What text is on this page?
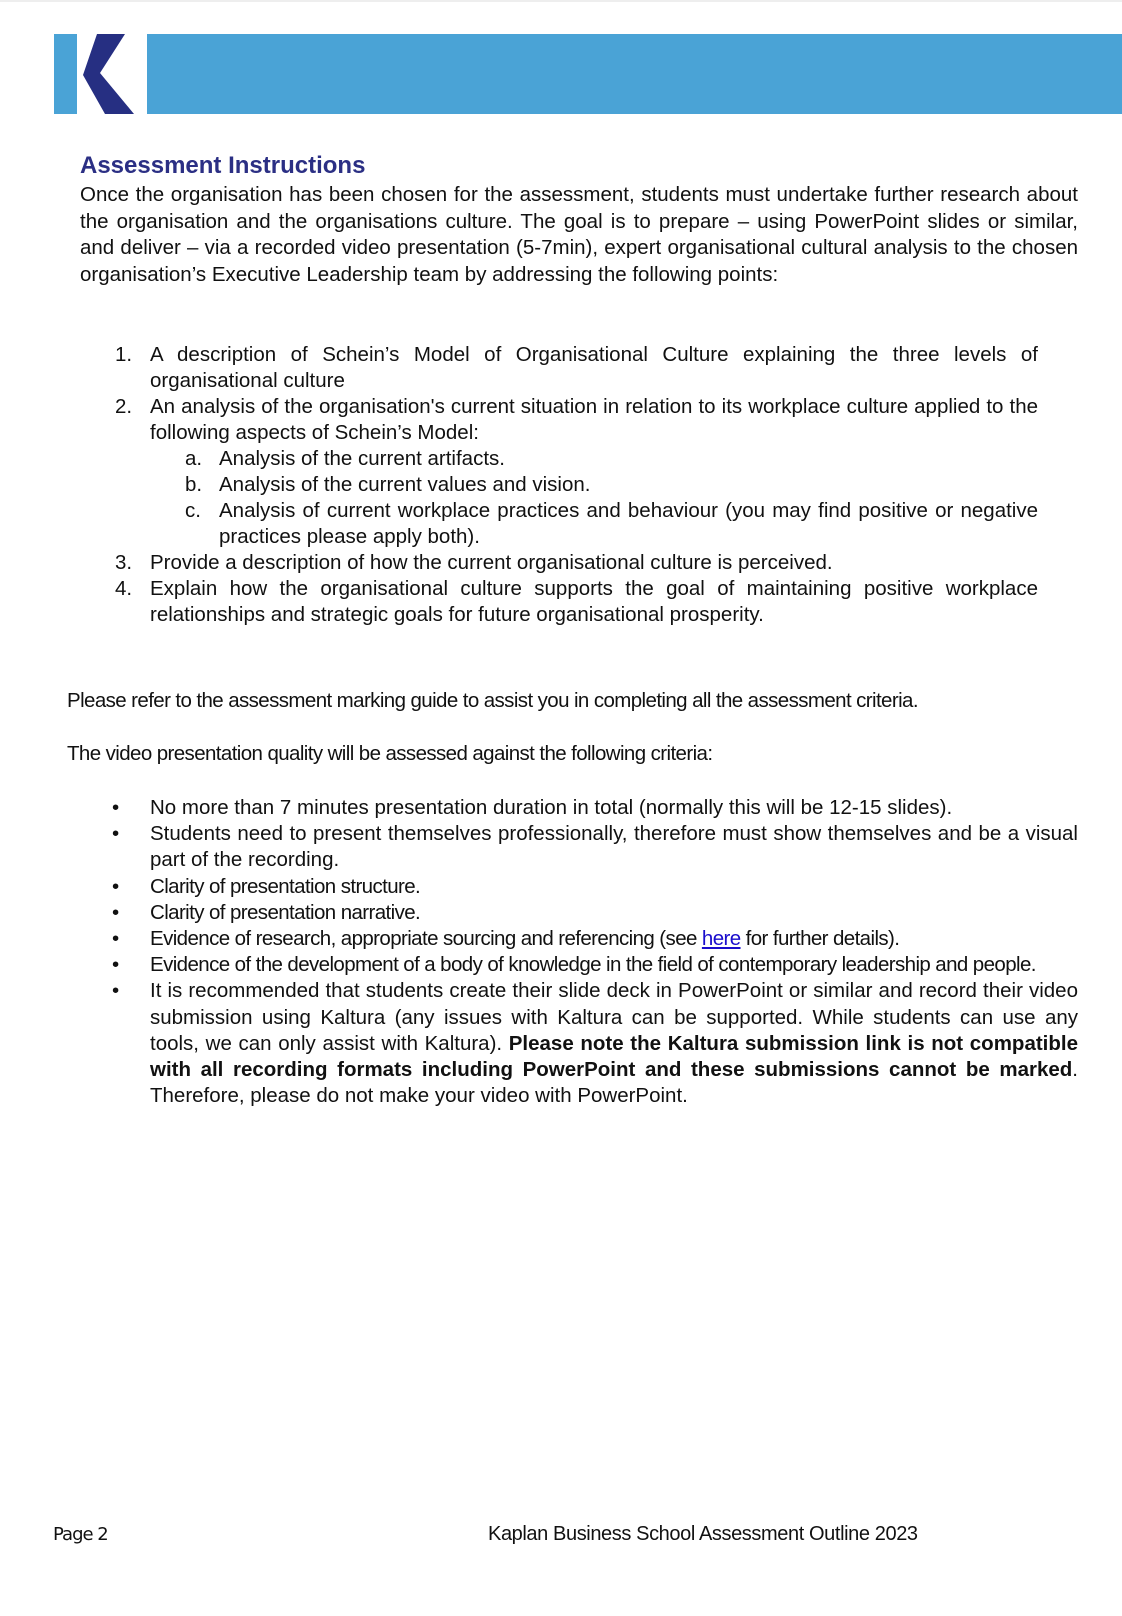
Assessment Instructions

Once the organisation has been chosen for the assessment, students must undertake further research about the organisation and the organisations culture. The goal is to prepare – using PowerPoint slides or similar, and deliver – via a recorded video presentation (5-7min), expert organisational cultural analysis to the chosen organisation’s Executive Leadership team by addressing the following points:

1. A description of Schein’s Model of Organisational Culture explaining the three levels of organisational culture
2. An analysis of the organisation's current situation in relation to its workplace culture applied to the following aspects of Schein’s Model:
a. Analysis of the current artifacts.
b. Analysis of the current values and vision.
c. Analysis of current workplace practices and behaviour (you may find positive or negative practices please apply both).
3. Provide a description of how the current organisational culture is perceived.
4. Explain how the organisational culture supports the goal of maintaining positive workplace relationships and strategic goals for future organisational prosperity.

Please refer to the assessment marking guide to assist you in completing all the assessment criteria.

The video presentation quality will be assessed against the following criteria:

• No more than 7 minutes presentation duration in total (normally this will be 12-15 slides).
• Students need to present themselves professionally, therefore must show themselves and be a visual part of the recording.
• Clarity of presentation structure.
• Clarity of presentation narrative.
• Evidence of research, appropriate sourcing and referencing (see here for further details).
• Evidence of the development of a body of knowledge in the field of contemporary leadership and people.
• It is recommended that students create their slide deck in PowerPoint or similar and record their video submission using Kaltura (any issues with Kaltura can be supported. While students can use any tools, we can only assist with Kaltura). Please note the Kaltura submission link is not compatible with all recording formats including PowerPoint and these submissions cannot be marked. Therefore, please do not make your video with PowerPoint.
Page 2	Kaplan Business School Assessment Outline 2023
